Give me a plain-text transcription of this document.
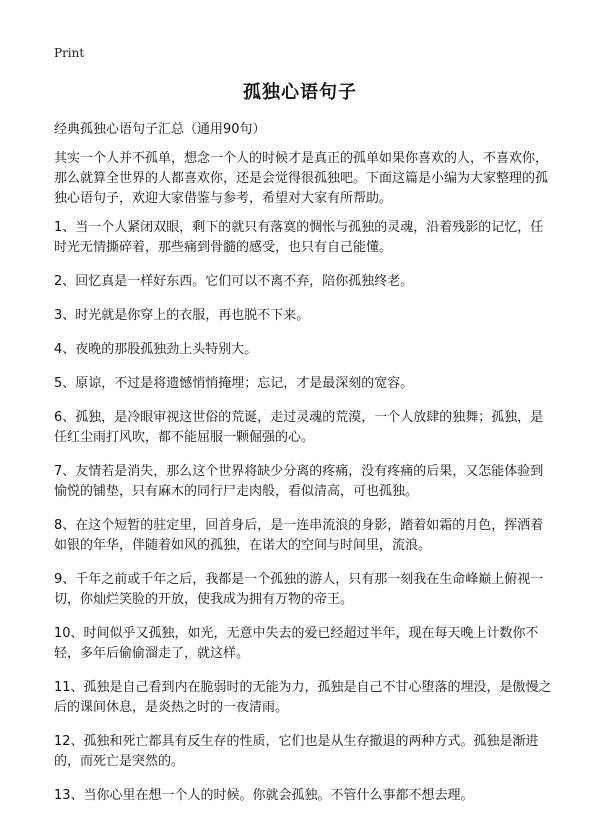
Print
孤独心语句子
经典孤独心语句子汇总（通用90句）
其实一个人并不孤单，想念一个人的时候才是真正的孤单如果你喜欢的人，不喜欢你，那么就算全世界的人都喜欢你，还是会觉得很孤独吧。下面这篇是小编为大家整理的孤独心语句子，欢迎大家借鉴与参考，希望对大家有所帮助。
1、当一个人紧闭双眼，剩下的就只有落寞的惆怅与孤独的灵魂，沿着残影的记忆，任时光无情撕碎着，那些痛到骨髓的感受，也只有自己能懂。
2、回忆真是一样好东西。它们可以不离不弃，陪你孤独终老。
3、时光就是你穿上的衣服，再也脱不下来。
4、夜晚的那股孤独劲上头特别大。
5、原谅，不过是将遗憾悄悄掩埋；忘记，才是最深刻的宽容。
6、孤独，是冷眼审视这世俗的荒诞，走过灵魂的荒漠，一个人放肆的独舞；孤独，是任红尘雨打风吹，都不能屈服一颗倔强的心。
7、友情若是消失，那么这个世界将缺少分离的疼痛，没有疼痛的后果，又怎能体验到愉悦的铺垫，只有麻木的同行尸走肉般，看似清高，可也孤独。
8、在这个短暂的驻定里，回首身后，是一连串流浪的身影，踏着如霜的月色，挥洒着如银的年华，伴随着如风的孤独，在诺大的空间与时间里，流浪。
9、千年之前或千年之后，我都是一个孤独的游人，只有那一刻我在生命峰巅上俯视一切，你灿烂笑脸的开放，使我成为拥有万物的帝王。
10、时间似乎又孤独，如光，无意中失去的爱已经超过半年，现在每天晚上计数你不轻，多年后偷偷溜走了，就这样。
11、孤独是自己看到内在脆弱时的无能为力，孤独是自己不甘心堕落的埋没，是傲慢之后的课间休息，是炎热之时的一夜清雨。
12、孤独和死亡都具有反生存的性质，它们也是从生存撤退的两种方式。孤独是渐进的，而死亡是突然的。
13、当你心里在想一个人的时候。你就会孤独。不管什么事都不想去理。
